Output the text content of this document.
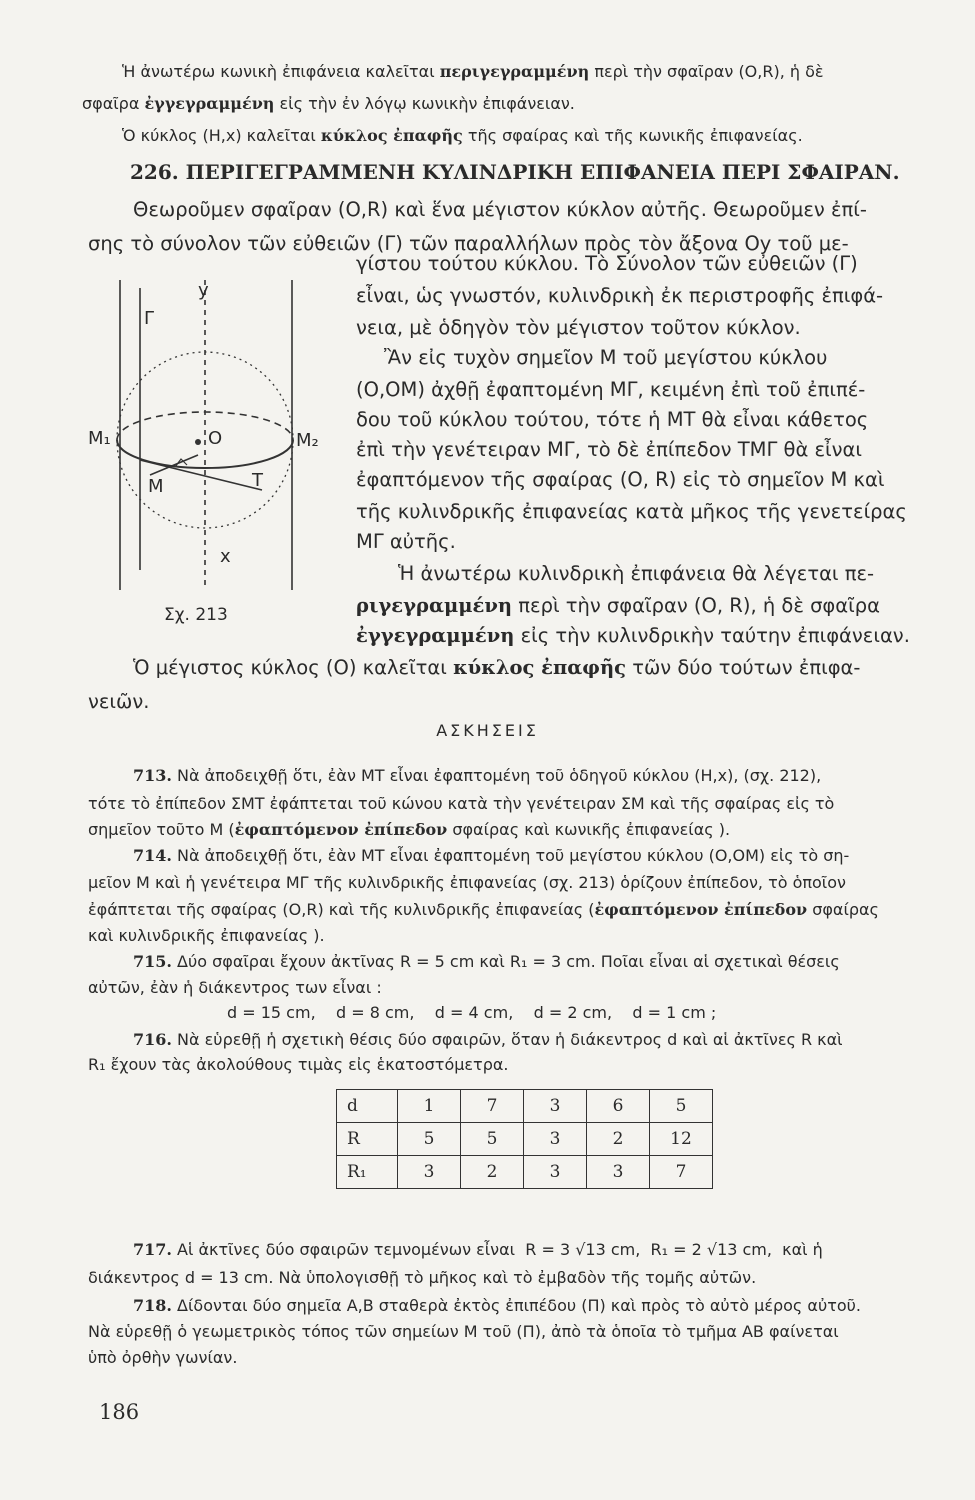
Ἡ ἀνωτέρω κωνικὴ ἐπιφάνεια καλεῖται περιγεγραμμένη περὶ τὴν σφαῖραν (Ο,R), ἡ δὲ
σφαῖρα ἐγγεγραμμένη εἰς τὴν ἐν λόγῳ κωνικὴν ἐπιφάνειαν.
Ὁ κύκλος (Η,x) καλεῖται κύκλος ἐπαφῆς τῆς σφαίρας καὶ τῆς κωνικῆς ἐπιφανείας.
226. ΠΕΡΙΓΕΓΡΑΜΜΕΝΗ ΚΥΛΙΝΔΡΙΚΗ ΕΠΙΦΑΝΕΙΑ ΠΕΡΙ ΣΦΑΙΡΑΝ.
Θεωροῦμεν σφαῖραν (Ο,R) καὶ ἕνα μέγιστον κύκλον αὐτῆς. Θεωροῦμεν ἐπί-
σης τὸ σύνολον τῶν εὐθειῶν (Γ) τῶν παραλλήλων πρὸς τὸν ἄξονα Οy τοῦ με-
γίστου τούτου κύκλου. Τὸ Σύνολον τῶν εὐθειῶν (Γ)
εἶναι, ὡς γνωστόν, κυλινδρικὴ ἐκ περιστροφῆς ἐπιφά-
νεια, μὲ ὁδηγὸν τὸν μέγιστον τοῦτον κύκλον.
Ἂν εἰς τυχὸν σημεῖον Μ τοῦ μεγίστου κύκλου
(Ο,ΟΜ) ἀχθῇ ἐφαπτομένη ΜΓ, κειμένη ἐπὶ τοῦ ἐπιπέ-
δου τοῦ κύκλου τούτου, τότε ἡ ΜΤ θὰ εἶναι κάθετος
ἐπὶ τὴν γενέτειραν ΜΓ, τὸ δὲ ἐπίπεδον ΤΜΓ θὰ εἶναι
ἐφαπτόμενον τῆς σφαίρας (Ο, R) εἰς τὸ σημεῖον Μ καὶ
τῆς κυλινδρικῆς ἐπιφανείας κατὰ μῆκος τῆς γενετείρας
ΜΓ αὐτῆς.
Ἡ ἀνωτέρω κυλινδρικὴ ἐπιφάνεια θὰ λέγεται πε-
ριγεγραμμένη περὶ τὴν σφαῖραν (Ο, R), ἡ δὲ σφαῖρα
ἐγγεγραμμένη εἰς τὴν κυλινδρικὴν ταύτην ἐπιφάνειαν.
Ὁ μέγιστος κύκλος (Ο) καλεῖται κύκλος ἐπαφῆς τῶν δύο τούτων ἐπιφα-
νειῶν.
y
Γ
Μ₁	Μ₂
Ο
Μ	Τ
x
Σχ. 213
ΑΣΚΗΣΕΙΣ
713. Νὰ ἀποδειχθῇ ὅτι, ἐὰν ΜΤ εἶναι ἐφαπτομένη τοῦ ὁδηγοῦ κύκλου (Η,x), (σχ. 212),
τότε τὸ ἐπίπεδον ΣΜΤ ἐφάπτεται τοῦ κώνου κατὰ τὴν γενέτειραν ΣΜ καὶ τῆς σφαίρας εἰς τὸ
σημεῖον τοῦτο Μ (ἐφαπτόμενον ἐπίπεδον σφαίρας καὶ κωνικῆς ἐπιφανείας ).
714. Νὰ ἀποδειχθῇ ὅτι, ἐὰν ΜΤ εἶναι ἐφαπτομένη τοῦ μεγίστου κύκλου (Ο,ΟΜ) εἰς τὸ ση-
μεῖον Μ καὶ ἡ γενέτειρα ΜΓ τῆς κυλινδρικῆς ἐπιφανείας (σχ. 213) ὁρίζουν ἐπίπεδον, τὸ ὁποῖον
ἐφάπτεται τῆς σφαίρας (Ο,R) καὶ τῆς κυλινδρικῆς ἐπιφανείας (ἐφαπτόμενον ἐπίπεδον σφαίρας
καὶ κυλινδρικῆς ἐπιφανείας ).
715. Δύο σφαῖραι ἔχουν ἀκτῖνας R = 5 cm καὶ R₁ = 3 cm. Ποῖαι εἶναι αἱ σχετικαὶ θέσεις
αὐτῶν, ἐὰν ἡ διάκεντρος των εἶναι :
d = 15 cm,    d = 8 cm,    d = 4 cm,    d = 2 cm,    d = 1 cm ;
716. Νὰ εὑρεθῇ ἡ σχετικὴ θέσις δύο σφαιρῶν, ὅταν ἡ διάκεντρος d καὶ αἱ ἀκτῖνες R καὶ
R₁ ἔχουν τὰς ἀκολούθους τιμὰς εἰς ἑκατοστόμετρα.
d	1	7	3	6	5
R	5	5	3	2	12
R₁	3	2	3	3	7
717. Αἱ ἀκτῖνες δύο σφαιρῶν τεμνομένων εἶναι  R = 3 √13 cm,  R₁ = 2 √13 cm,  καὶ ἡ
διάκεντρος d = 13 cm. Νὰ ὑπολογισθῇ τὸ μῆκος καὶ τὸ ἐμβαδὸν τῆς τομῆς αὐτῶν.
718. Δίδονται δύο σημεῖα Α,Β σταθερὰ ἐκτὸς ἐπιπέδου (Π) καὶ πρὸς τὸ αὐτὸ μέρος αὐτοῦ.
Νὰ εὑρεθῇ ὁ γεωμετρικὸς τόπος τῶν σημείων Μ τοῦ (Π), ἀπὸ τὰ ὁποῖα τὸ τμῆμα ΑΒ φαίνεται
ὑπὸ ὀρθὴν γωνίαν.
186
